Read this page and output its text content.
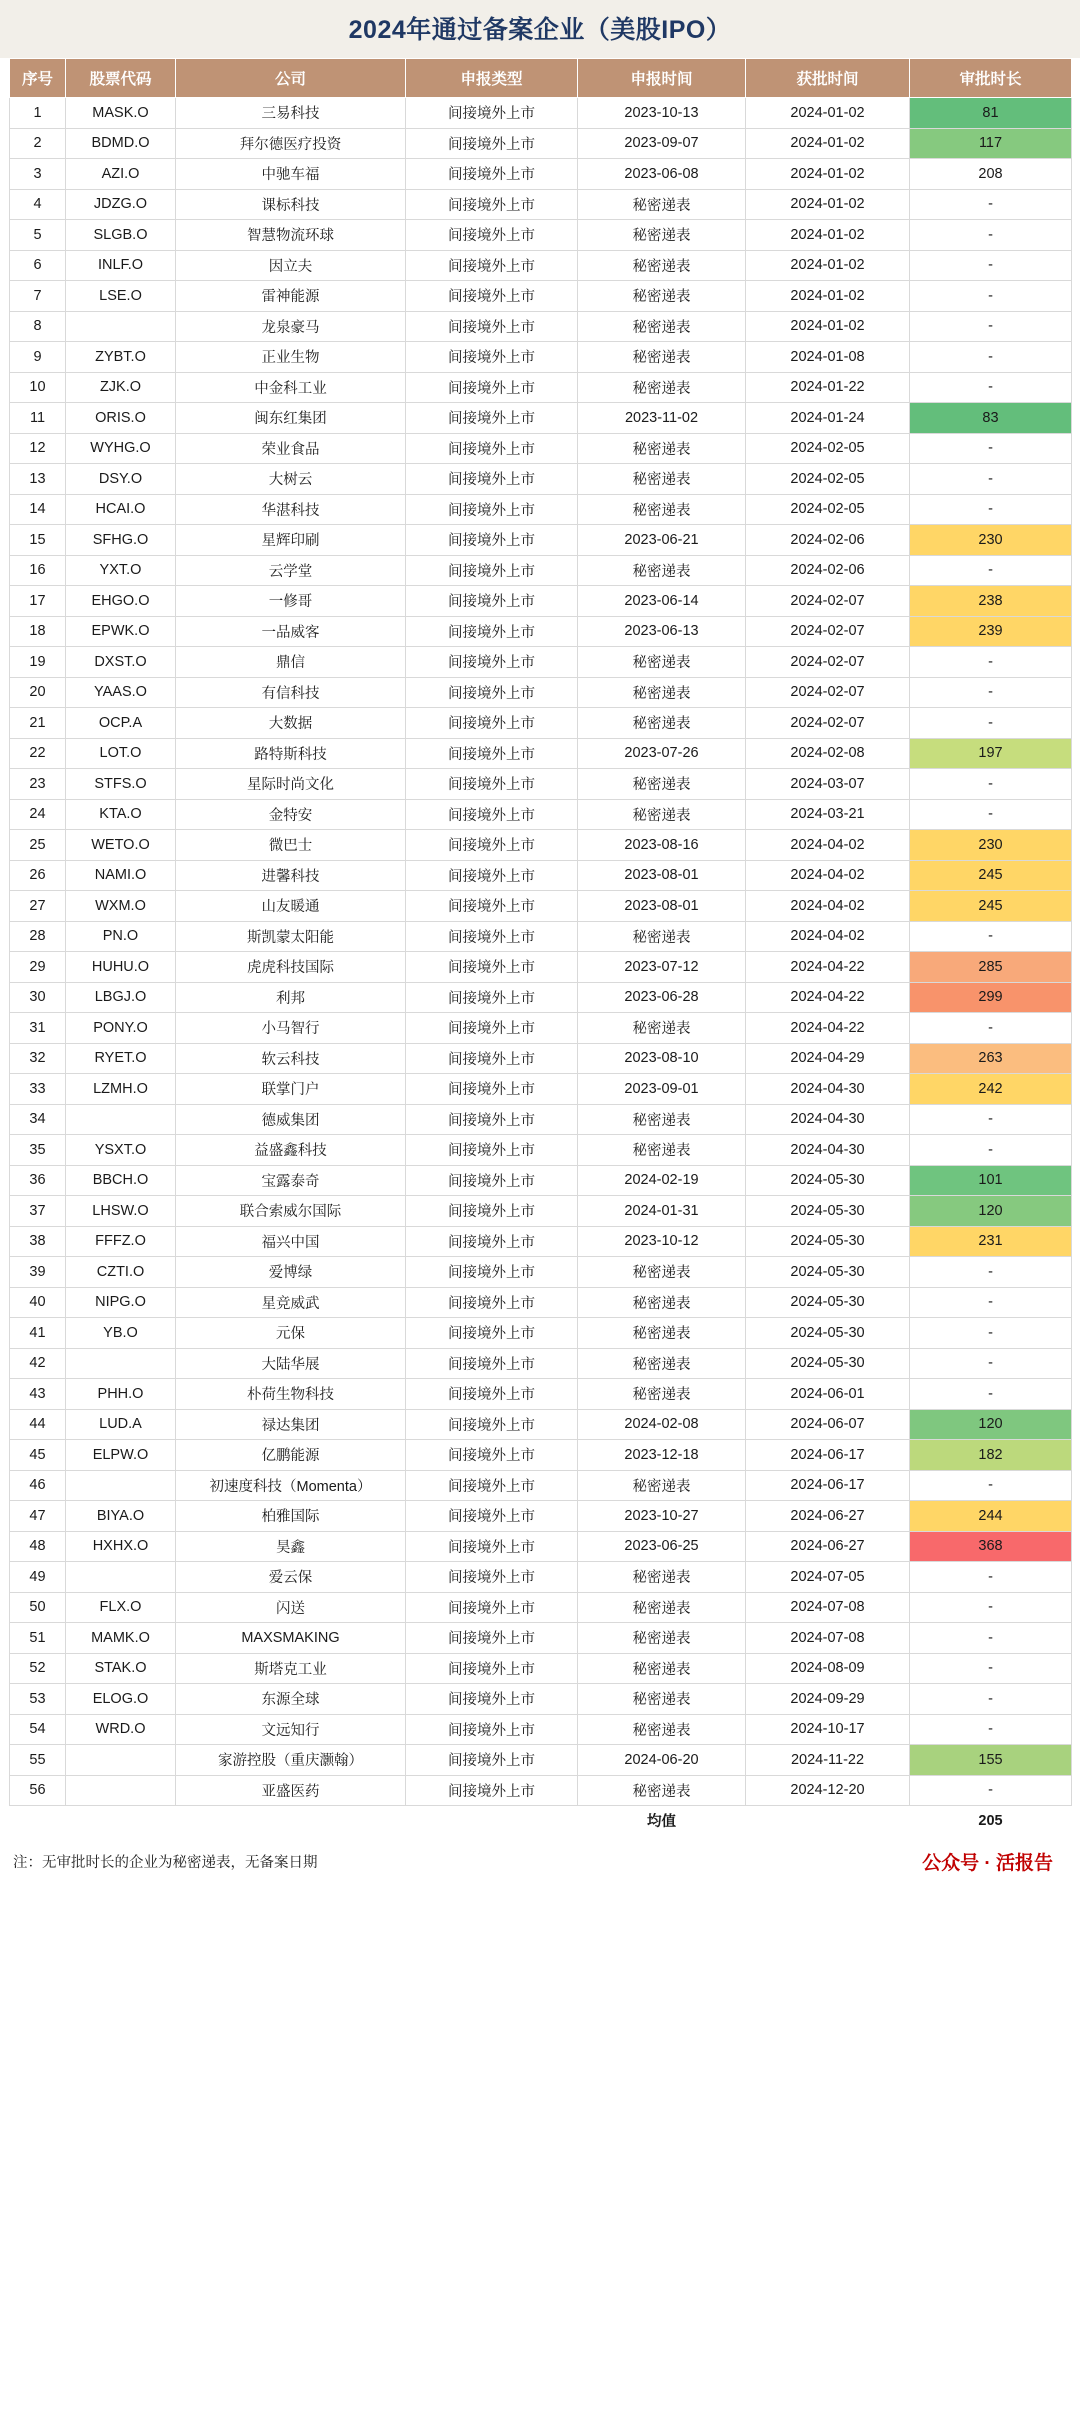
2024年通过备案企业（美股IPO）
序号	股票代码	公司	申报类型	申报时间	获批时间	审批时长
1	MASK.O	三易科技	间接境外上市	2023-10-13	2024-01-02	81
2	BDMD.O	拜尔德医疗投资	间接境外上市	2023-09-07	2024-01-02	117
3	AZI.O	中驰车福	间接境外上市	2023-06-08	2024-01-02	208
4	JDZG.O	课标科技	间接境外上市	秘密递表	2024-01-02	-
5	SLGB.O	智慧物流环球	间接境外上市	秘密递表	2024-01-02	-
6	INLF.O	因立夫	间接境外上市	秘密递表	2024-01-02	-
7	LSE.O	雷神能源	间接境外上市	秘密递表	2024-01-02	-
8		龙泉豪马	间接境外上市	秘密递表	2024-01-02	-
9	ZYBT.O	正业生物	间接境外上市	秘密递表	2024-01-08	-
10	ZJK.O	中金科工业	间接境外上市	秘密递表	2024-01-22	-
11	ORIS.O	闽东红集团	间接境外上市	2023-11-02	2024-01-24	83
12	WYHG.O	荣业食品	间接境外上市	秘密递表	2024-02-05	-
13	DSY.O	大树云	间接境外上市	秘密递表	2024-02-05	-
14	HCAI.O	华湛科技	间接境外上市	秘密递表	2024-02-05	-
15	SFHG.O	星辉印刷	间接境外上市	2023-06-21	2024-02-06	230
16	YXT.O	云学堂	间接境外上市	秘密递表	2024-02-06	-
17	EHGO.O	一修哥	间接境外上市	2023-06-14	2024-02-07	238
18	EPWK.O	一品威客	间接境外上市	2023-06-13	2024-02-07	239
19	DXST.O	鼎信	间接境外上市	秘密递表	2024-02-07	-
20	YAAS.O	有信科技	间接境外上市	秘密递表	2024-02-07	-
21	OCP.A	大数据	间接境外上市	秘密递表	2024-02-07	-
22	LOT.O	路特斯科技	间接境外上市	2023-07-26	2024-02-08	197
23	STFS.O	星际时尚文化	间接境外上市	秘密递表	2024-03-07	-
24	KTA.O	金特安	间接境外上市	秘密递表	2024-03-21	-
25	WETO.O	微巴士	间接境外上市	2023-08-16	2024-04-02	230
26	NAMI.O	进馨科技	间接境外上市	2023-08-01	2024-04-02	245
27	WXM.O	山友暖通	间接境外上市	2023-08-01	2024-04-02	245
28	PN.O	斯凯蒙太阳能	间接境外上市	秘密递表	2024-04-02	-
29	HUHU.O	虎虎科技国际	间接境外上市	2023-07-12	2024-04-22	285
30	LBGJ.O	利邦	间接境外上市	2023-06-28	2024-04-22	299
31	PONY.O	小马智行	间接境外上市	秘密递表	2024-04-22	-
32	RYET.O	软云科技	间接境外上市	2023-08-10	2024-04-29	263
33	LZMH.O	联掌门户	间接境外上市	2023-09-01	2024-04-30	242
34		德威集团	间接境外上市	秘密递表	2024-04-30	-
35	YSXT.O	益盛鑫科技	间接境外上市	秘密递表	2024-04-30	-
36	BBCH.O	宝露泰奇	间接境外上市	2024-02-19	2024-05-30	101
37	LHSW.O	联合索威尔国际	间接境外上市	2024-01-31	2024-05-30	120
38	FFFZ.O	福兴中国	间接境外上市	2023-10-12	2024-05-30	231
39	CZTI.O	爱博绿	间接境外上市	秘密递表	2024-05-30	-
40	NIPG.O	星竞威武	间接境外上市	秘密递表	2024-05-30	-
41	YB.O	元保	间接境外上市	秘密递表	2024-05-30	-
42		大陆华展	间接境外上市	秘密递表	2024-05-30	-
43	PHH.O	朴荷生物科技	间接境外上市	秘密递表	2024-06-01	-
44	LUD.A	禄达集团	间接境外上市	2024-02-08	2024-06-07	120
45	ELPW.O	亿鹏能源	间接境外上市	2023-12-18	2024-06-17	182
46		初速度科技（Momenta）	间接境外上市	秘密递表	2024-06-17	-
47	BIYA.O	柏雅国际	间接境外上市	2023-10-27	2024-06-27	244
48	HXHX.O	昊鑫	间接境外上市	2023-06-25	2024-06-27	368
49		爱云保	间接境外上市	秘密递表	2024-07-05	-
50	FLX.O	闪送	间接境外上市	秘密递表	2024-07-08	-
51	MAMK.O	MAXSMAKING	间接境外上市	秘密递表	2024-07-08	-
52	STAK.O	斯塔克工业	间接境外上市	秘密递表	2024-08-09	-
53	ELOG.O	东源全球	间接境外上市	秘密递表	2024-09-29	-
54	WRD.O	文远知行	间接境外上市	秘密递表	2024-10-17	-
55		家游控股（重庆灏翰）	间接境外上市	2024-06-20	2024-11-22	155
56		亚盛医药	间接境外上市	秘密递表	2024-12-20	-
				均值		205
注：无审批时长的企业为秘密递表，无备案日期	公众号 · 活报告
